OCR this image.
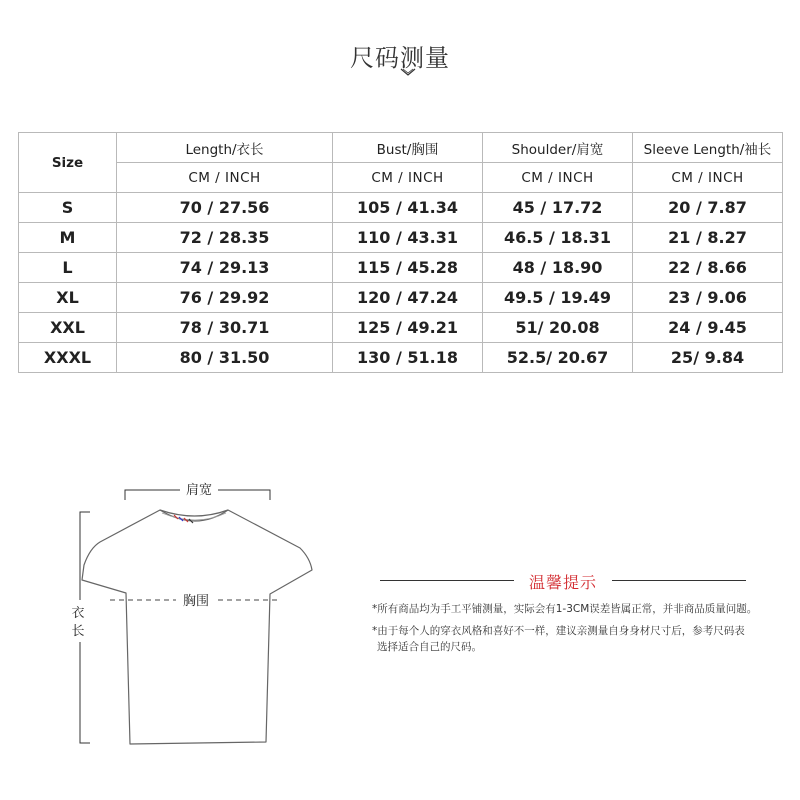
尺码测量
Size	Length/衣长	Bust/胸围	Shoulder/肩宽	Sleeve Length/袖长
	CM / INCH	CM / INCH	CM / INCH	CM / INCH
S	70 / 27.56	105 / 41.34	45 / 17.72	20 / 7.87
M	72 / 28.35	110 / 43.31	46.5 / 18.31	21 / 8.27
L	74 / 29.13	115 / 45.28	48 / 18.90	22 / 8.66
XL	76 / 29.92	120 / 47.24	49.5 / 19.49	23 / 9.06
XXL	78 / 30.71	125 / 49.21	51/ 20.08	24 / 9.45
XXXL	80 / 31.50	130 / 51.18	52.5/ 20.67	25/ 9.84
肩宽
胸围
衣
长
温馨提示
*所有商品均为手工平铺测量，实际会有1-3CM误差皆属正常，并非商品质量问题。
*由于每个人的穿衣风格和喜好不一样，建议亲测量自身身材尺寸后，参考尺码表
选择适合自己的尺码。
